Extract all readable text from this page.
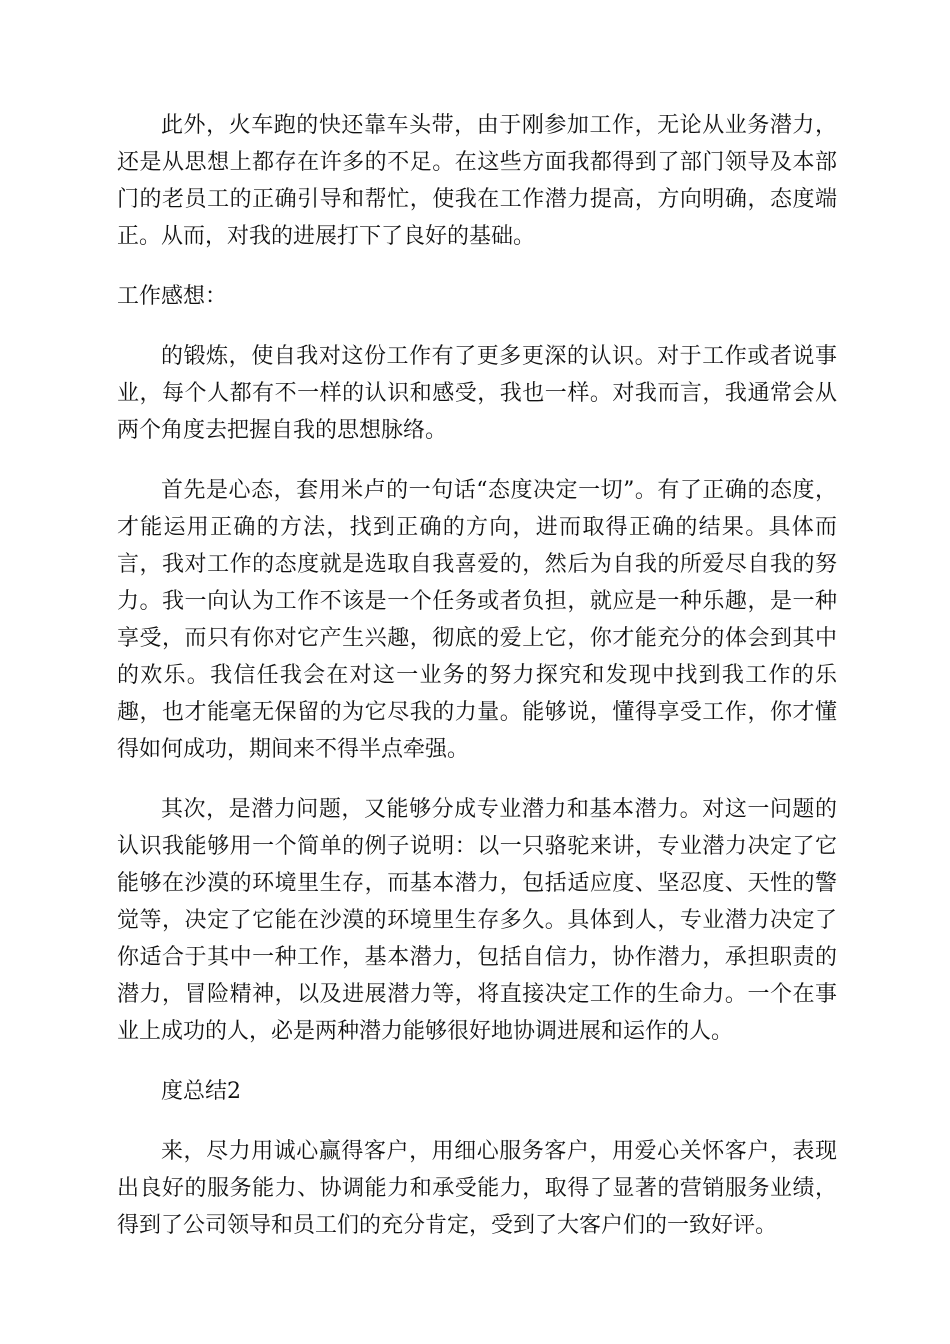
此外，火车跑的快还靠车头带，由于刚参加工作，无论从业务潜力，还是从思想上都存在许多的不足。在这些方面我都得到了部门领导及本部门的老员工的正确引导和帮忙，使我在工作潜力提高，方向明确，态度端正。从而，对我的进展打下了良好的基础。

工作感想：

的锻炼，使自我对这份工作有了更多更深的认识。对于工作或者说事业，每个人都有不一样的认识和感受，我也一样。对我而言，我通常会从两个角度去把握自我的思想脉络。

首先是心态，套用米卢的一句话“态度决定一切”。有了正确的态度，才能运用正确的方法，找到正确的方向，进而取得正确的结果。具体而言，我对工作的态度就是选取自我喜爱的，然后为自我的所爱尽自我的努力。我一向认为工作不该是一个任务或者负担，就应是一种乐趣，是一种享受，而只有你对它产生兴趣，彻底的爱上它，你才能充分的体会到其中的欢乐。我信任我会在对这一业务的努力探究和发现中找到我工作的乐趣，也才能毫无保留的为它尽我的力量。能够说，懂得享受工作，你才懂得如何成功，期间来不得半点牵强。

其次，是潜力问题，又能够分成专业潜力和基本潜力。对这一问题的认识我能够用一个简单的例子说明：以一只骆驼来讲，专业潜力决定了它能够在沙漠的环境里生存，而基本潜力，包括适应度、坚忍度、天性的警觉等，决定了它能在沙漠的环境里生存多久。具体到人，专业潜力决定了你适合于其中一种工作，基本潜力，包括自信力，协作潜力，承担职责的潜力，冒险精神，以及进展潜力等，将直接决定工作的生命力。一个在事业上成功的人，必是两种潜力能够很好地协调进展和运作的人。

度总结2

来，尽力用诚心赢得客户，用细心服务客户，用爱心关怀客户，表现出良好的服务能力、协调能力和承受能力，取得了显著的营销服务业绩，得到了公司领导和员工们的充分肯定，受到了大客户们的一致好评。
